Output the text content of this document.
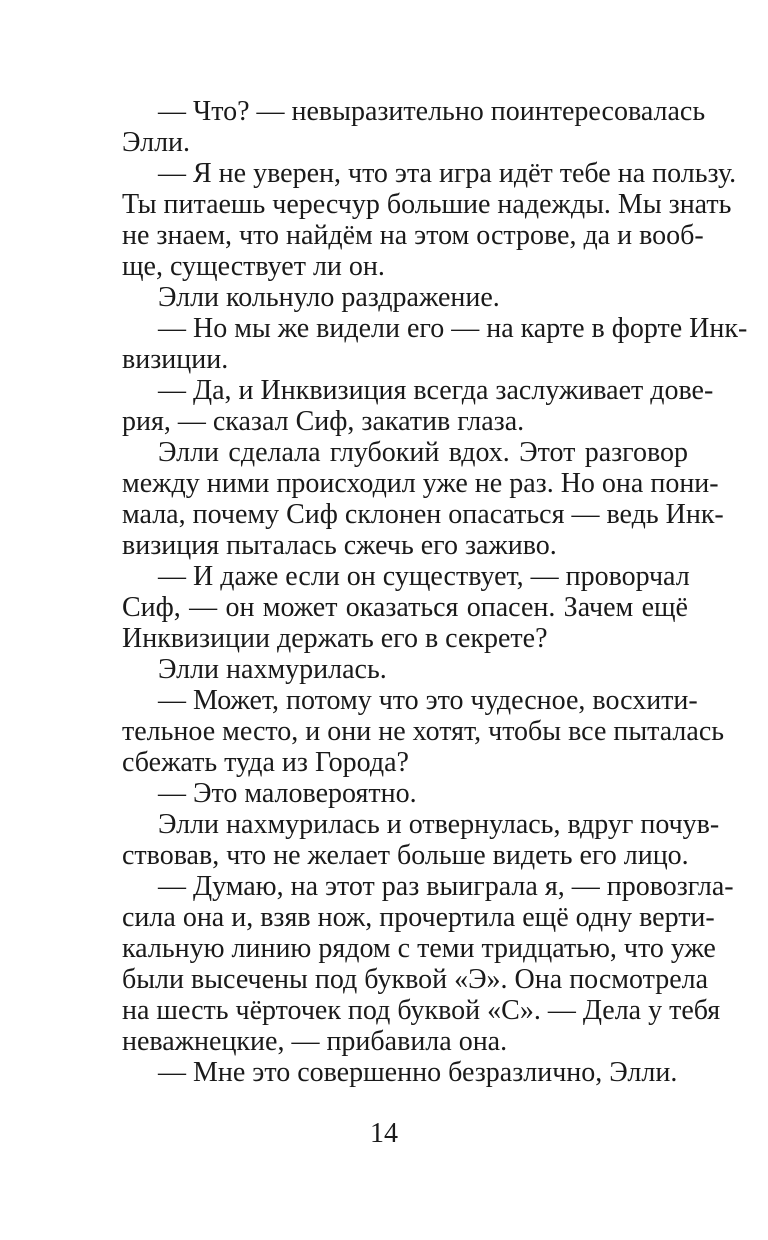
— Что? — невыразительно поинтересовалась
Элли.
— Я не уверен, что эта игра идёт тебе на пользу.
Ты питаешь чересчур большие надежды. Мы знать
не знаем, что найдём на этом острове, да и вооб-
ще, существует ли он.
Элли кольнуло раздражение.
— Но мы же видели его — на карте в форте Инк-
визиции.
— Да, и Инквизиция всегда заслуживает дове-
рия, — сказал Сиф, закатив глаза.
Элли сделала глубокий вдох. Этот разговор
между ними происходил уже не раз. Но она пони-
мала, почему Сиф склонен опасаться — ведь Инк-
визиция пыталась сжечь его заживо.
— И даже если он существует, — проворчал
Сиф, — он может оказаться опасен. Зачем ещё
Инквизиции держать его в секрете?
Элли нахмурилась.
— Может, потому что это чудесное, восхити-
тельное место, и они не хотят, чтобы все пыталась
сбежать туда из Города?
— Это маловероятно.
Элли нахмурилась и отвернулась, вдруг почув-
ствовав, что не желает больше видеть его лицо.
— Думаю, на этот раз выиграла я, — провозгла-
сила она и, взяв нож, прочертила ещё одну верти-
кальную линию рядом с теми тридцатью, что уже
были высечены под буквой «Э». Она посмотрела
на шесть чёрточек под буквой «С». — Дела у тебя
неважнецкие, — прибавила она.
— Мне это совершенно безразлично, Элли.
14
